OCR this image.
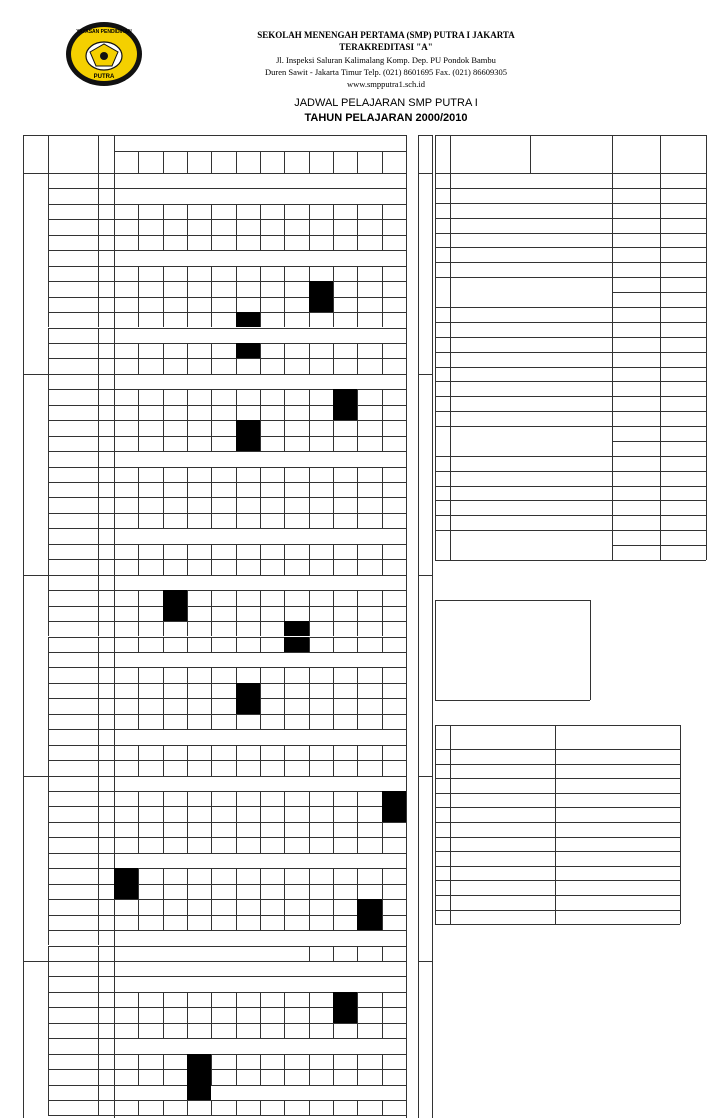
YAYASAN PENDIDIKAN
PUTRA
SEKOLAH MENENGAH PERTAMA (SMP) PUTRA I JAKARTA
TERAKREDITASI "A"
Jl. Inspeksi Saluran Kalimalang Komp. Dep. PU Pondok Bambu
Duren Sawit - Jakarta Timur Telp. (021) 8601695 Fax. (021) 86609305
www.smpputra1.sch.id
JADWAL PELAJARAN SMP PUTRA I
TAHUN PELAJARAN 2000/2010
